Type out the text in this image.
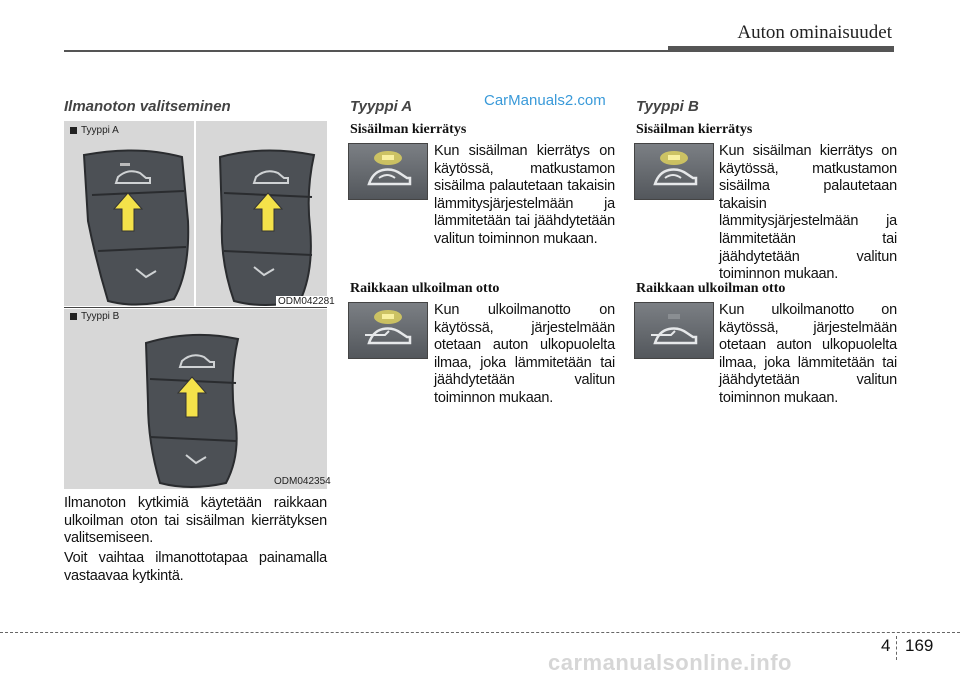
Auton ominaisuudet
Ilmanoton valitseminen
Tyyppi A
ODM042281
Tyyppi B
ODM042354
Ilmanoton kytkimiä käytetään raikkaan ulkoilman oton tai sisäilman kierrätyksen valitsemiseen.
Voit vaihtaa ilmanottotapaa painamalla vastaavaa kytkintä.
Tyyppi A	CarManuals2.com
Sisäilman kierrätys
Kun sisäilman kierrätys on käytössä, matkustamon sisäilma palautetaan takaisin lämmitysjärjestelmään ja lämmitetään tai jäähdytetään valitun toiminnon mukaan.
Raikkaan ulkoilman otto
Kun ulkoilmanotto on käytössä, järjestelmään otetaan auton ulkopuolelta ilmaa, joka lämmitetään tai jäähdytetään valitun toiminnon mukaan.
Tyyppi B
Sisäilman kierrätys
Kun sisäilman kierrätys on käytössä, matkustamon sisäilma palautetaan takaisin lämmitysjärjestelmään ja lämmitetään tai jäähdytetään valitun toiminnon mukaan.
Raikkaan ulkoilman otto
Kun ulkoilmanotto on käytössä, järjestelmään otetaan auton ulkopuolelta ilmaa, joka lämmitetään tai jäähdytetään valitun toiminnon mukaan.
4 169
carmanualsonline.info
